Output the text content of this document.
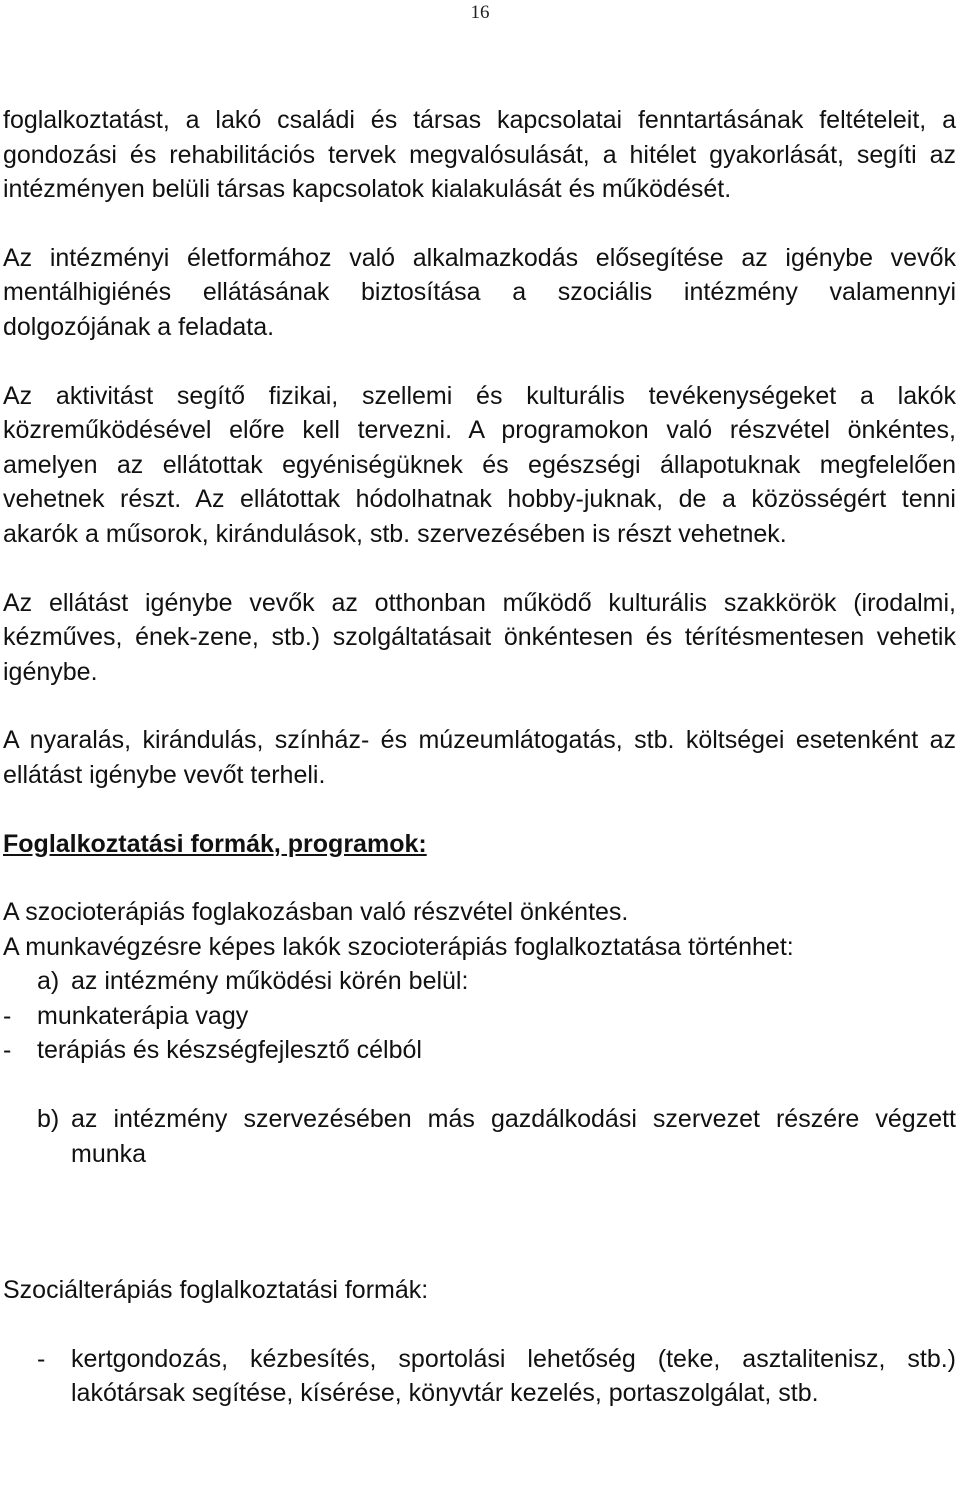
16

foglalkoztatást, a lakó családi és társas kapcsolatai fenntartásának feltételeit, a gondozási és rehabilitációs tervek megvalósulását, a hitélet gyakorlását, segíti az intézményen belüli társas kapcsolatok kialakulását és működését.

Az intézményi életformához való alkalmazkodás elősegítése az igénybe vevők mentálhigiénés ellátásának biztosítása a szociális intézmény valamennyi dolgozójának a feladata.

Az aktivitást segítő fizikai, szellemi és kulturális tevékenységeket a lakók közreműködésével előre kell tervezni. A programokon való részvétel önkéntes, amelyen az ellátottak egyéniségüknek és egészségi állapotuknak megfelelően vehetnek részt. Az ellátottak hódolhatnak hobby-juknak, de a közösségért tenni akarók a műsorok, kirándulások, stb. szervezésében is részt vehetnek.

Az ellátást igénybe vevők az otthonban működő kulturális szakkörök (irodalmi, kézműves, ének-zene, stb.) szolgáltatásait önkéntesen és térítésmentesen vehetik igénybe.

A nyaralás, kirándulás, színház- és múzeumlátogatás, stb. költségei esetenként az ellátást igénybe vevőt terheli.

Foglalkoztatási formák, programok:

A szocioterápiás foglakozásban való részvétel önkéntes.

A munkavégzésre képes lakók szocioterápiás foglalkoztatása történhet:

a) az intézmény működési körén belül:
-	munkaterápia vagy
-	terápiás és készségfejlesztő célból
b) az intézmény szervezésében más gazdálkodási szervezet részére végzett munka

Szociálterápiás foglalkoztatási formák:

-	kertgondozás, kézbesítés, sportolási lehetőség (teke, asztalitenisz, stb.) lakótársak segítése, kísérése, könyvtár kezelés, portaszolgálat, stb.
